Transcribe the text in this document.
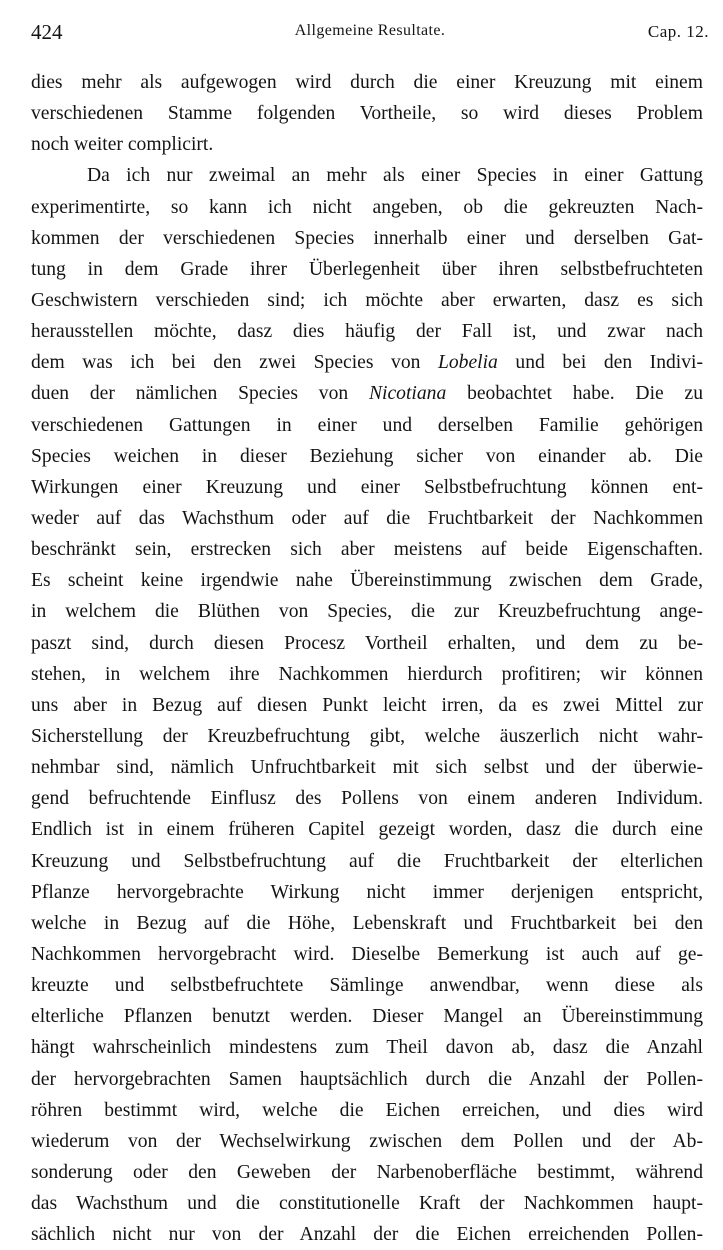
424	Allgemeine Resultate.	Cap. 12.
dies mehr als aufgewogen wird durch die einer Kreuzung mit einem
verschiedenen Stamme folgenden Vortheile, so wird dieses Problem
noch weiter complicirt.
Da ich nur zweimal an mehr als einer Species in einer Gattung
experimentirte, so kann ich nicht angeben, ob die gekreuzten Nach-
kommen der verschiedenen Species innerhalb einer und derselben Gat-
tung in dem Grade ihrer Überlegenheit über ihren selbstbefruchteten
Geschwistern verschieden sind; ich möchte aber erwarten, dasz es sich
herausstellen möchte, dasz dies häufig der Fall ist, und zwar nach
dem was ich bei den zwei Species von Lobelia und bei den Indivi-
duen der nämlichen Species von Nicotiana beobachtet habe. Die zu
verschiedenen Gattungen in einer und derselben Familie gehörigen
Species weichen in dieser Beziehung sicher von einander ab. Die
Wirkungen einer Kreuzung und einer Selbstbefruchtung können ent-
weder auf das Wachsthum oder auf die Fruchtbarkeit der Nachkommen
beschränkt sein, erstrecken sich aber meistens auf beide Eigenschaften.
Es scheint keine irgendwie nahe Übereinstimmung zwischen dem Grade,
in welchem die Blüthen von Species, die zur Kreuzbefruchtung ange-
paszt sind, durch diesen Procesz Vortheil erhalten, und dem zu be-
stehen, in welchem ihre Nachkommen hierdurch profitiren; wir können
uns aber in Bezug auf diesen Punkt leicht irren, da es zwei Mittel zur
Sicherstellung der Kreuzbefruchtung gibt, welche äuszerlich nicht wahr-
nehmbar sind, nämlich Unfruchtbarkeit mit sich selbst und der überwie-
gend befruchtende Einflusz des Pollens von einem anderen Individum.
Endlich ist in einem früheren Capitel gezeigt worden, dasz die durch eine
Kreuzung und Selbstbefruchtung auf die Fruchtbarkeit der elterlichen
Pflanze hervorgebrachte Wirkung nicht immer derjenigen entspricht,
welche in Bezug auf die Höhe, Lebenskraft und Fruchtbarkeit bei den
Nachkommen hervorgebracht wird. Dieselbe Bemerkung ist auch auf ge-
kreuzte und selbstbefruchtete Sämlinge anwendbar, wenn diese als
elterliche Pflanzen benutzt werden. Dieser Mangel an Übereinstimmung
hängt wahrscheinlich mindestens zum Theil davon ab, dasz die Anzahl
der hervorgebrachten Samen hauptsächlich durch die Anzahl der Pollen-
röhren bestimmt wird, welche die Eichen erreichen, und dies wird
wiederum von der Wechselwirkung zwischen dem Pollen und der Ab-
sonderung oder den Geweben der Narbenoberfläche bestimmt, während
das Wachsthum und die constitutionelle Kraft der Nachkommen haupt-
sächlich nicht nur von der Anzahl der die Eichen erreichenden Pollen-
